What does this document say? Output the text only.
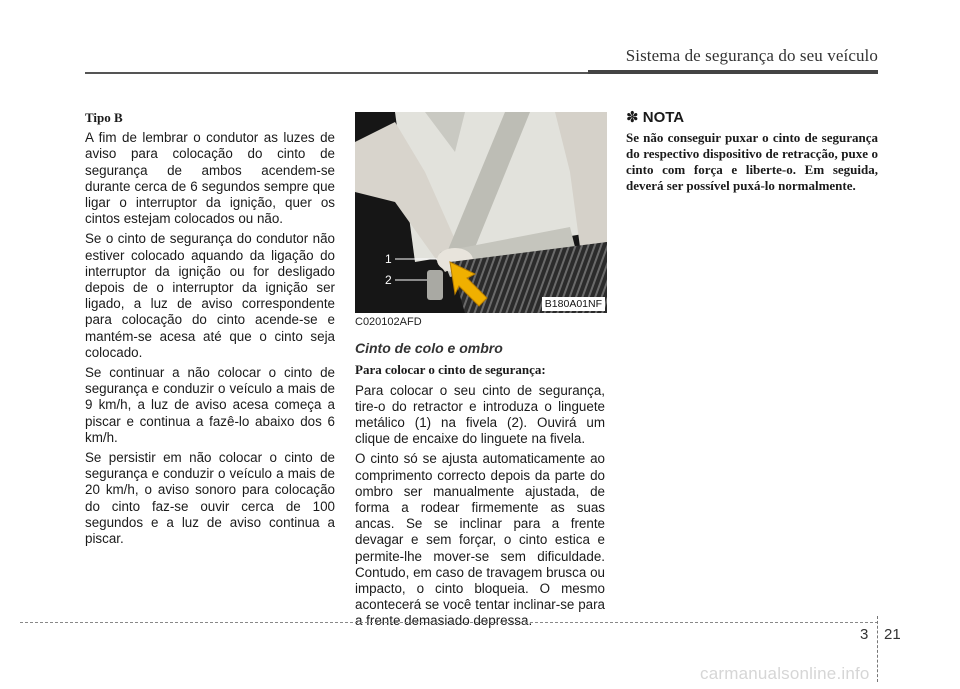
Sistema de segurança do seu veículo

Tipo B

A fim de lembrar o condutor as luzes de aviso para colocação do cinto de segurança de ambos acendem-se durante cerca de 6 segundos sempre que ligar o interruptor da ignição, quer os cintos estejam colocados ou não.

Se o cinto de segurança do condutor não estiver colocado aquando da ligação do interruptor da ignição ou for desligado depois de o interruptor da ignição ser ligado, a luz de aviso correspondente para colocação do cinto acende-se e mantém-se acesa até que o cinto seja colocado.

Se continuar a não colocar o cinto de segurança e conduzir o veículo a mais de 9 km/h, a luz de aviso acesa começa a piscar e continua a fazê-lo abaixo dos 6 km/h.

Se persistir em não colocar o cinto de segurança e conduzir o veículo a mais de 20 km/h, o aviso sonoro para colocação do cinto faz-se ouvir cerca de 100 segundos e a luz de aviso continua a piscar.

1
2
B180A01NF

C020102AFD

Cinto de colo e ombro

Para colocar o cinto de segurança:

Para colocar o seu cinto de segurança, tire-o do retractor e introduza o linguete metálico (1) na fivela (2). Ouvirá um clique de encaixe do linguete na fivela.

O cinto só se ajusta automaticamente ao comprimento correcto depois da parte do ombro ser manualmente ajustada, de forma a rodear firmemente as suas ancas. Se se inclinar para a frente devagar e sem forçar, o cinto estica e permite-lhe mover-se sem dificuldade. Contudo, em caso de travagem brusca ou impacto, o cinto bloqueia. O mesmo acontecerá se você tentar inclinar-se para a frente demasiado depressa.

✽ NOTA

Se não conseguir puxar o cinto de segurança do respectivo dispositivo de retracção, puxe o cinto com força e liberte-o. Em seguida, deverá ser possível puxá-lo normalmente.

3 21
carmanualsonline.info
